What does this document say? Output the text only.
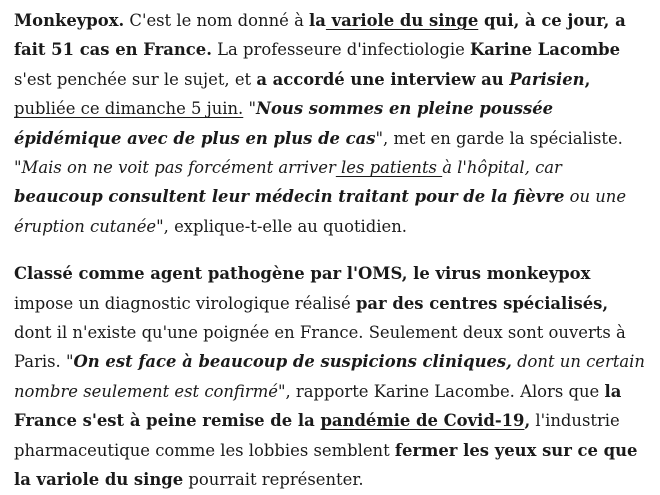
Monkeypox. C'est le nom donné à la variole du singe qui, à ce jour, a fait 51 cas en France. La professeure d'infectiologie Karine Lacombe s'est penchée sur le sujet, et a accordé une interview au Parisien, publiée ce dimanche 5 juin. "Nous sommes en pleine poussée épidémique avec de plus en plus de cas", met en garde la spécialiste. "Mais on ne voit pas forcément arriver les patients à l'hôpital, car beaucoup consultent leur médecin traitant pour de la fièvre ou une éruption cutanée", explique-t-elle au quotidien.

Classé comme agent pathogène par l'OMS, le virus monkeypox impose un diagnostic virologique réalisé par des centres spécialisés, dont il n'existe qu'une poignée en France. Seulement deux sont ouverts à Paris. "On est face à beaucoup de suspicions cliniques, dont un certain nombre seulement est confirmé", rapporte Karine Lacombe. Alors que la France s'est à peine remise de la pandémie de Covid-19, l'industrie pharmaceutique comme les lobbies semblent fermer les yeux sur ce que la variole du singe pourrait représenter.
